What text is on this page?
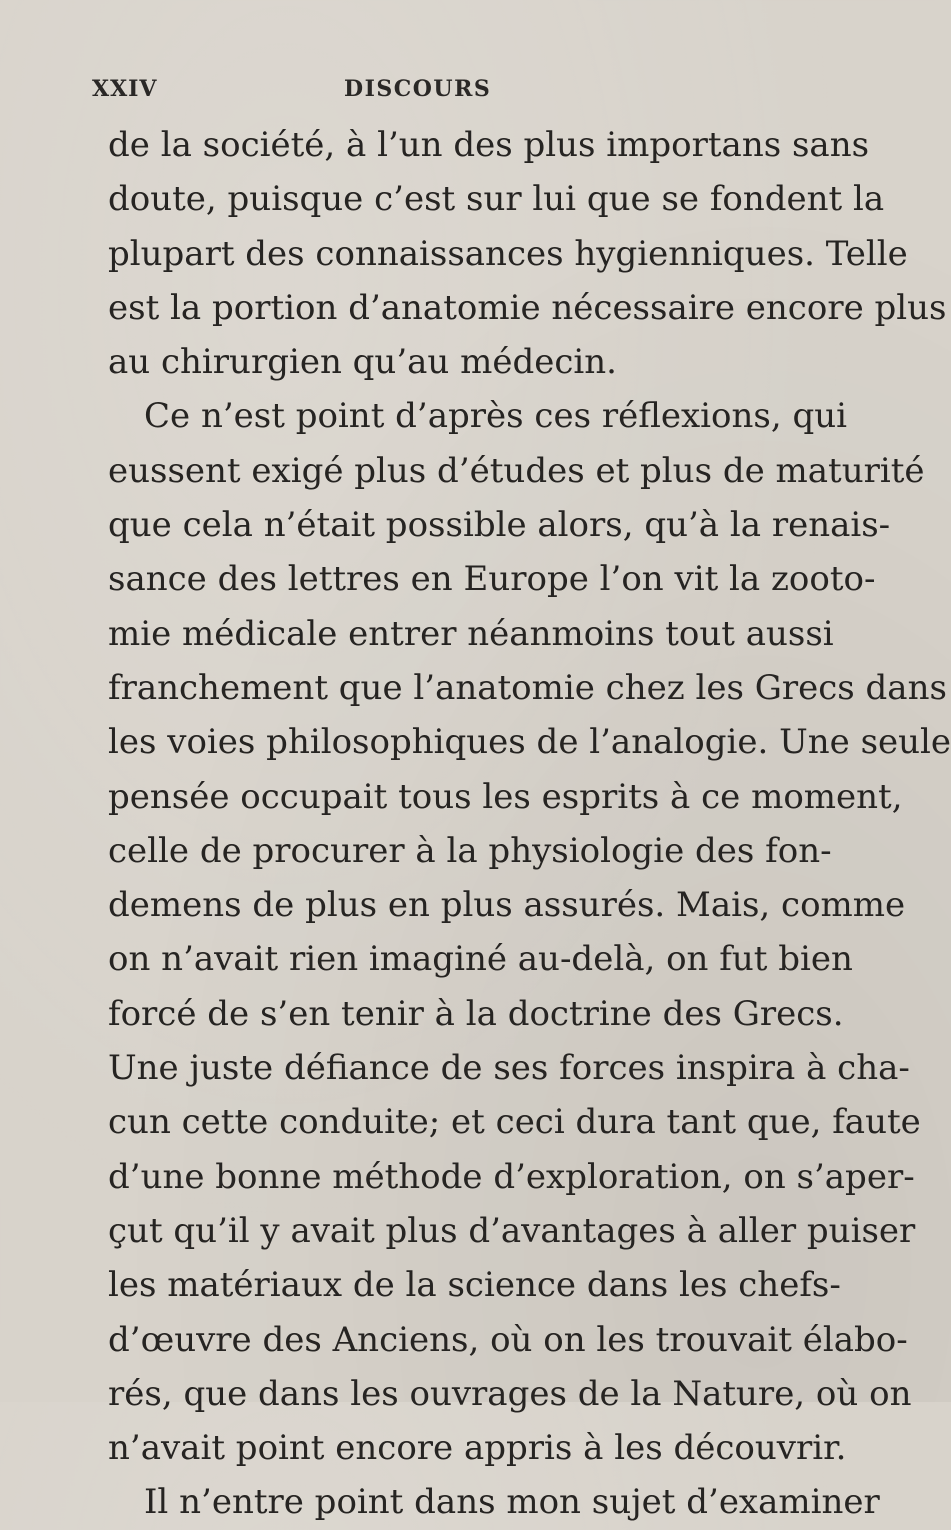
XXIV	DISCOURS
de la société, à l’un des plus importans sans
doute, puisque c’est sur lui que se fondent la
plupart des connaissances hygienniques. Telle
est la portion d’anatomie nécessaire encore plus
au chirurgien qu’au médecin.
Ce n’est point d’après ces réflexions, qui
eussent exigé plus d’études et plus de maturité
que cela n’était possible alors, qu’à la renais-
sance des lettres en Europe l’on vit la zooto-
mie médicale entrer néanmoins tout aussi
franchement que l’anatomie chez les Grecs dans
les voies philosophiques de l’analogie. Une seule
pensée occupait tous les esprits à ce moment,
celle de procurer à la physiologie des fon-
demens de plus en plus assurés. Mais, comme
on n’avait rien imaginé au-delà, on fut bien
forcé de s’en tenir à la doctrine des Grecs.
Une juste défiance de ses forces inspira à cha-
cun cette conduite; et ceci dura tant que, faute
d’une bonne méthode d’exploration, on s’aper-
çut qu’il y avait plus d’avantages à aller puiser
les matériaux de la science dans les chefs-
d’œuvre des Anciens, où on les trouvait élabo-
rés, que dans les ouvrages de la Nature, où on
n’avait point encore appris à les découvrir.
Il n’entre point dans mon sujet d’examiner
